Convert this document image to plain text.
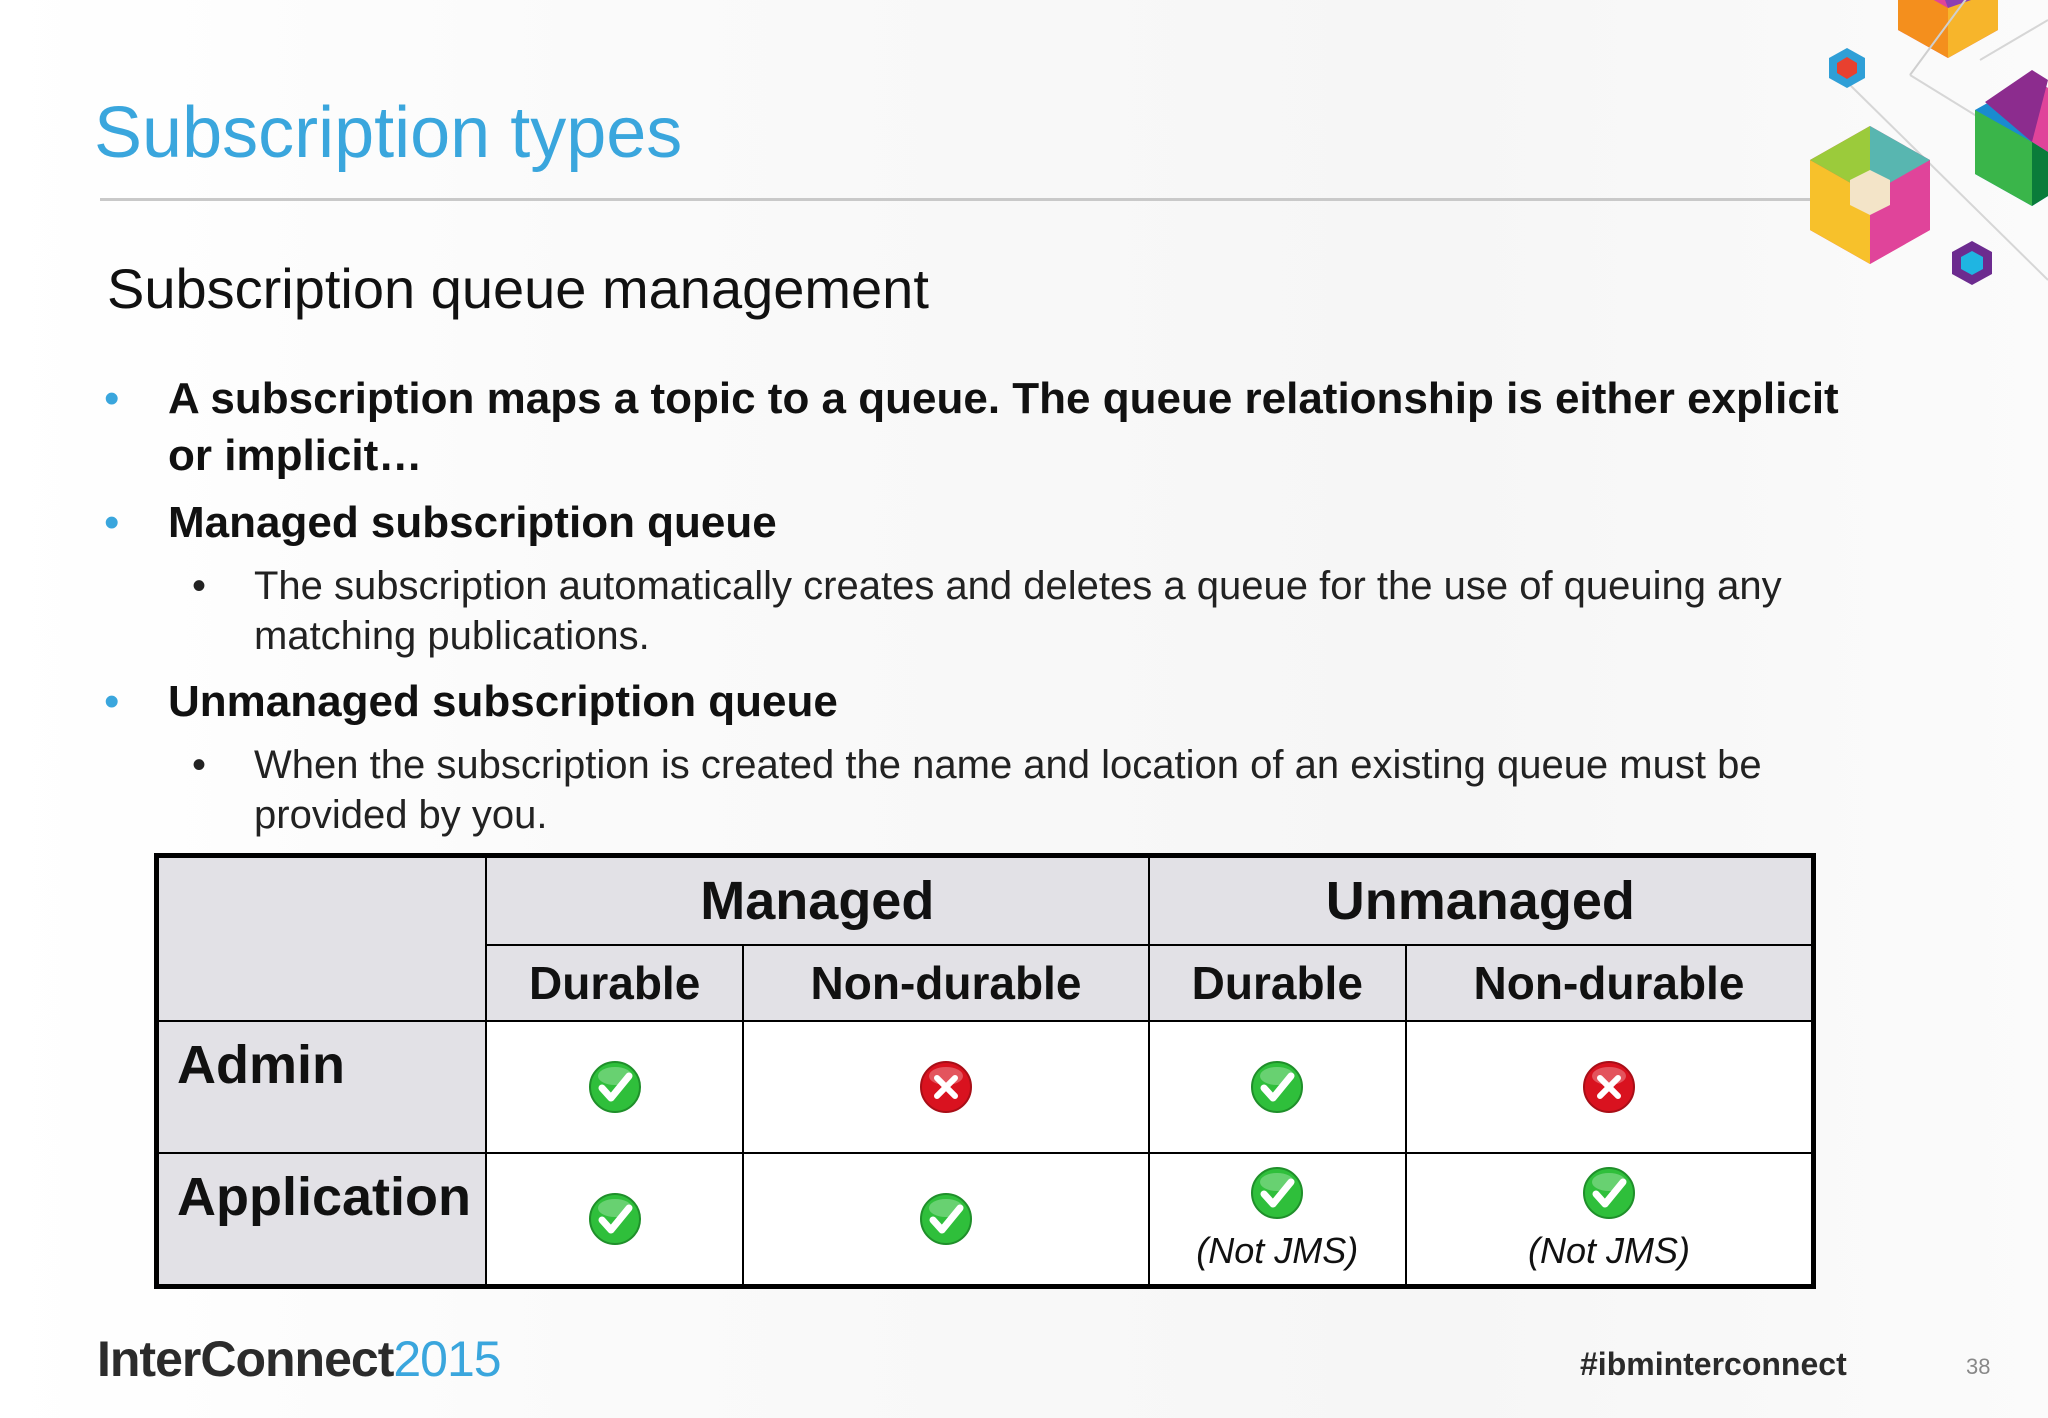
Subscription types
Subscription queue management
• A subscription maps a topic to a queue. The queue relationship is either explicit or implicit…
• Managed subscription queue
• The subscription automatically creates and deletes a queue for the use of queuing any matching publications.
• Unmanaged subscription queue
• When the subscription is created the name and location of an existing queue must be provided by you.
	Managed		Unmanaged	
	Durable	Non-durable	Durable	Non-durable
Admin	

Application			(Not JMS)	(Not JMS)
InterConnect2015	#ibminterconnect	38
